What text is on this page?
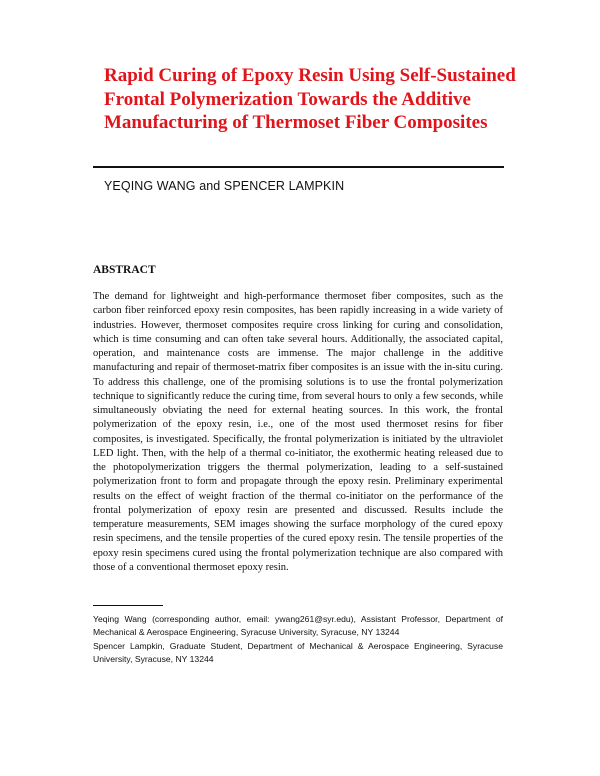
Rapid Curing of Epoxy Resin Using Self-Sustained Frontal Polymerization Towards the Additive Manufacturing of Thermoset Fiber Composites
YEQING WANG and SPENCER LAMPKIN
ABSTRACT

The demand for lightweight and high-performance thermoset fiber composites, such as the carbon fiber reinforced epoxy resin composites, has been rapidly increasing in a wide variety of industries. However, thermoset composites require cross linking for curing and consolidation, which is time consuming and can often take several hours. Additionally, the associated capital, operation, and maintenance costs are immense. The major challenge in the additive manufacturing and repair of thermoset-matrix fiber composites is an issue with the in-situ curing. To address this challenge, one of the promising solutions is to use the frontal polymerization technique to significantly reduce the curing time, from several hours to only a few seconds, while simultaneously obviating the need for external heating sources. In this work, the frontal polymerization of the epoxy resin, i.e., one of the most used thermoset resins for fiber composites, is investigated. Specifically, the frontal polymerization is initiated by the ultraviolet LED light. Then, with the help of a thermal co-initiator, the exothermic heating released due to the photopolymerization triggers the thermal polymerization, leading to a self-sustained polymerization front to form and propagate through the epoxy resin. Preliminary experimental results on the effect of weight fraction of the thermal co-initiator on the performance of the frontal polymerization of epoxy resin are presented and discussed. Results include the temperature measurements, SEM images showing the surface morphology of the cured epoxy resin specimens, and the tensile properties of the cured epoxy resin. The tensile properties of the epoxy resin specimens cured using the frontal polymerization technique are also compared with those of a conventional thermoset epoxy resin.

Yeqing Wang (corresponding author, email: ywang261@syr.edu), Assistant Professor, Department of Mechanical & Aerospace Engineering, Syracuse University, Syracuse, NY 13244
Spencer Lampkin, Graduate Student, Department of Mechanical & Aerospace Engineering, Syracuse University, Syracuse, NY 13244
